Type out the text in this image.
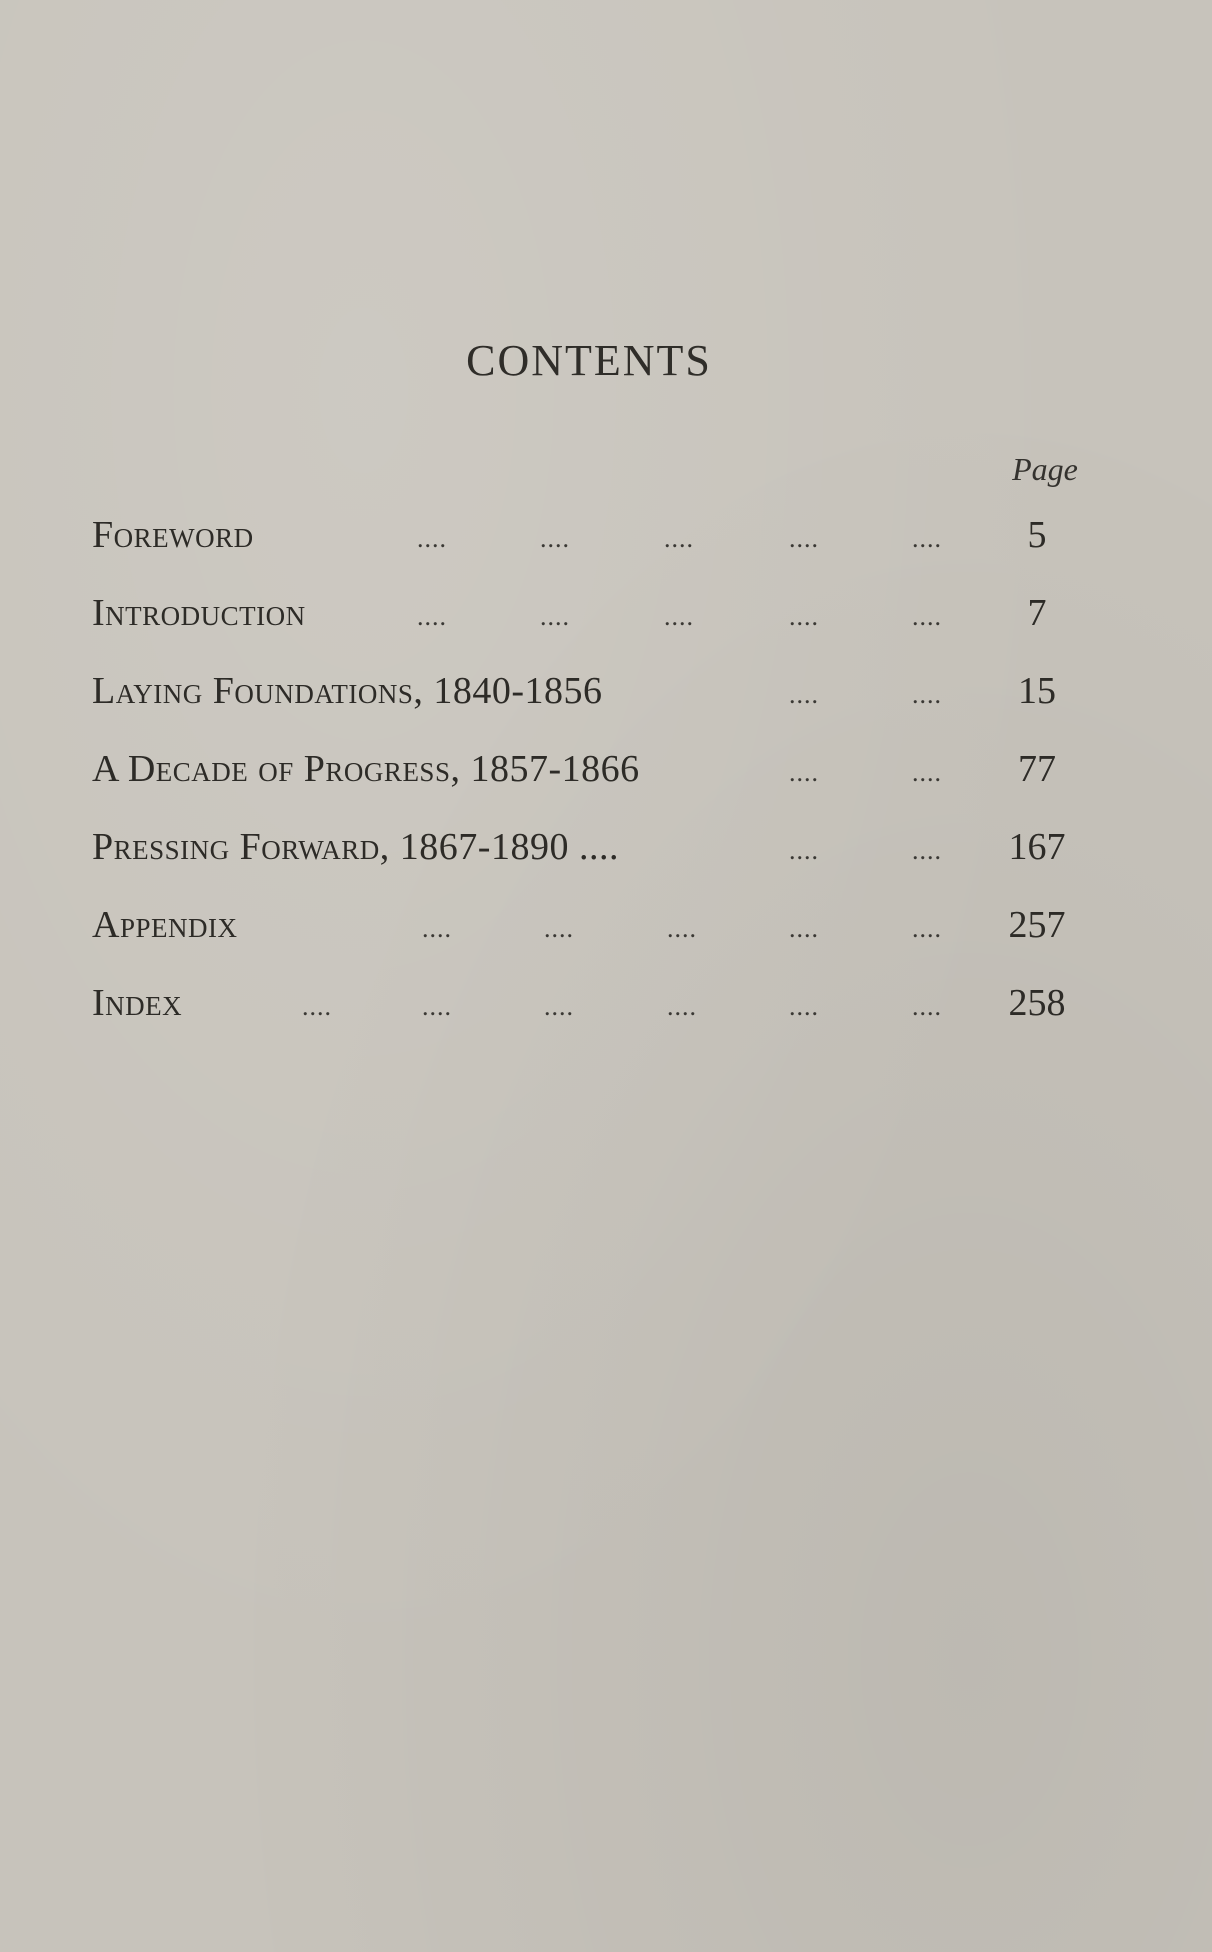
CONTENTS
Page
Foreword	....	....	....	....	....	5
Introduction	....	....	....	....	....	7
Laying Foundations, 1840-1856	....	....	15
A Decade of Progress, 1857-1866	....	....	77
Pressing Forward, 1867-1890 ....	....	....	167
Appendix	....	....	....	....	....	257
Index	....	....	....	....	....	....	258
